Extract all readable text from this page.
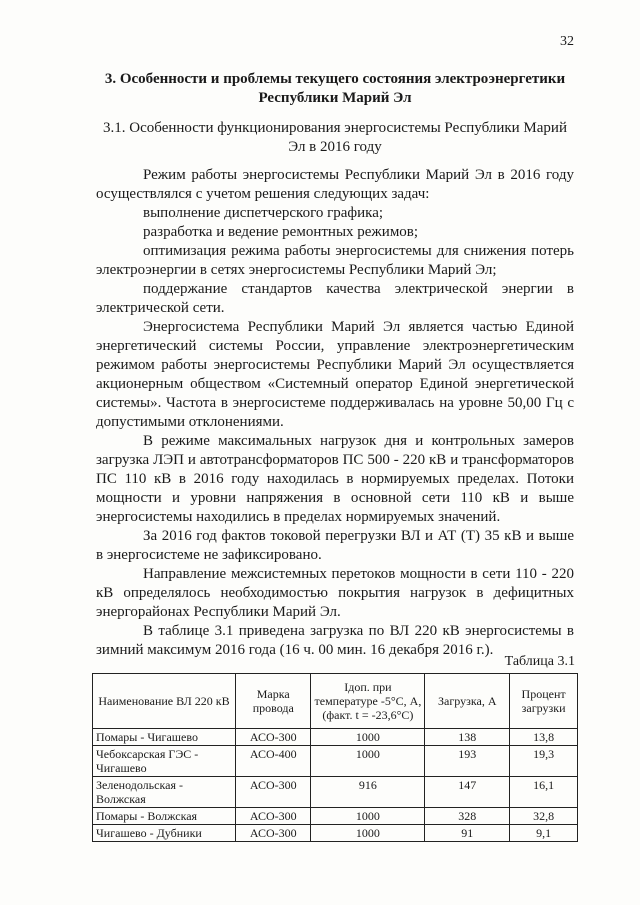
32
3. Особенности и проблемы текущего состояния электроэнергетики Республики Марий Эл
3.1. Особенности функционирования энергосистемы Республики Марий Эл в 2016 году

Режим работы энергосистемы Республики Марий Эл в 2016 году осуществлялся с учетом решения следующих задач:

выполнение диспетчерского графика;

разработка и ведение ремонтных режимов;

оптимизация режима работы энергосистемы для снижения потерь электроэнергии в сетях энергосистемы Республики Марий Эл;

поддержание стандартов качества электрической энергии в электрической сети.

Энергосистема Республики Марий Эл является частью Единой энергетический системы России, управление электроэнергетическим режимом работы энергосистемы Республики Марий Эл осуществляется акционерным обществом «Системный оператор Единой энергетической системы». Частота в энергосистеме поддерживалась на уровне 50,00 Гц с допустимыми отклонениями.

В режиме максимальных нагрузок дня и контрольных замеров загрузка ЛЭП и автотрансформаторов ПС 500 - 220 кВ и трансформаторов ПС 110 кВ в 2016 году находилась в нормируемых пределах. Потоки мощности и уровни напряжения в основной сети 110 кВ и выше энергосистемы находились в пределах нормируемых значений.

За 2016 год фактов токовой перегрузки ВЛ и АТ (Т) 35 кВ и выше в энергосистеме не зафиксировано.

Направление межсистемных перетоков мощности в сети 110 - 220 кВ определялось необходимостью покрытия нагрузок в дефицитных энергорайонах Республики Марий Эл.

В таблице 3.1 приведена загрузка по ВЛ 220 кВ энергосистемы в зимний максимум 2016 года (16 ч. 00 мин. 16 декабря 2016 г.).

Таблица 3.1
Наименование ВЛ 220 кВ	Марка провода	Iдоп. при температуре -5°С, А, (факт. t = -23,6°С)	Загрузка, А	Процент загрузки
Помары - Чигашево	АСО-300	1000	138	13,8
Чебоксарская ГЭС - Чигашево	АСО-400	1000	193	19,3
Зеленодольская - Волжская	АСО-300	916	147	16,1
Помары - Волжская	АСО-300	1000	328	32,8
Чигашево - Дубники	АСО-300	1000	91	9,1
